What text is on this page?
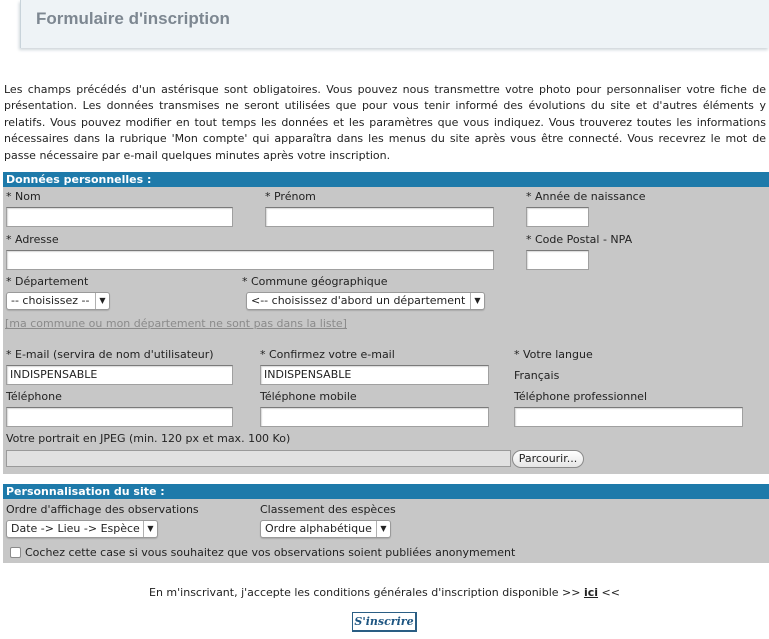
Formulaire d'inscription
Les champs précédés d'un astérisque sont obligatoires. Vous pouvez nous transmettre votre photo pour personnaliser votre fiche de présentation. Les données transmises ne seront utilisées que pour vous tenir informé des évolutions du site et d'autres éléments y relatifs. Vous pouvez modifier en tout temps les données et les paramètres que vous indiquez. Vous trouverez toutes les informations nécessaires dans la rubrique 'Mon compte' qui apparaîtra dans les menus du site après vous être connecté. Vous recevrez le mot de passe nécessaire par e-mail quelques minutes après votre inscription.
Données personnelles :
* Nom	* Prénom	* Année de naissance
* Adresse	* Code Postal - NPA
* Département	* Commune géographique
-- choisissez --	▼	<-- choisissez d'abord un département	▼
[ma commune ou mon département ne sont pas dans la liste]
* E-mail (servira de nom d'utilisateur)	* Confirmez votre e-mail	* Votre langue
INDISPENSABLE	INDISPENSABLE	Français
Téléphone	Téléphone mobile	Téléphone professionnel
Votre portrait en JPEG (min. 120 px et max. 100 Ko)
Parcourir...
Personnalisation du site :
Ordre d'affichage des observations	Classement des espèces
Date -> Lieu -> Espèce ▼	Ordre alphabétique	▼
Cochez cette case si vous souhaitez que vos observations soient publiées anonymement
En m'inscrivant, j'accepte les conditions générales d'inscription disponible >> ici <<
S'inscrire
